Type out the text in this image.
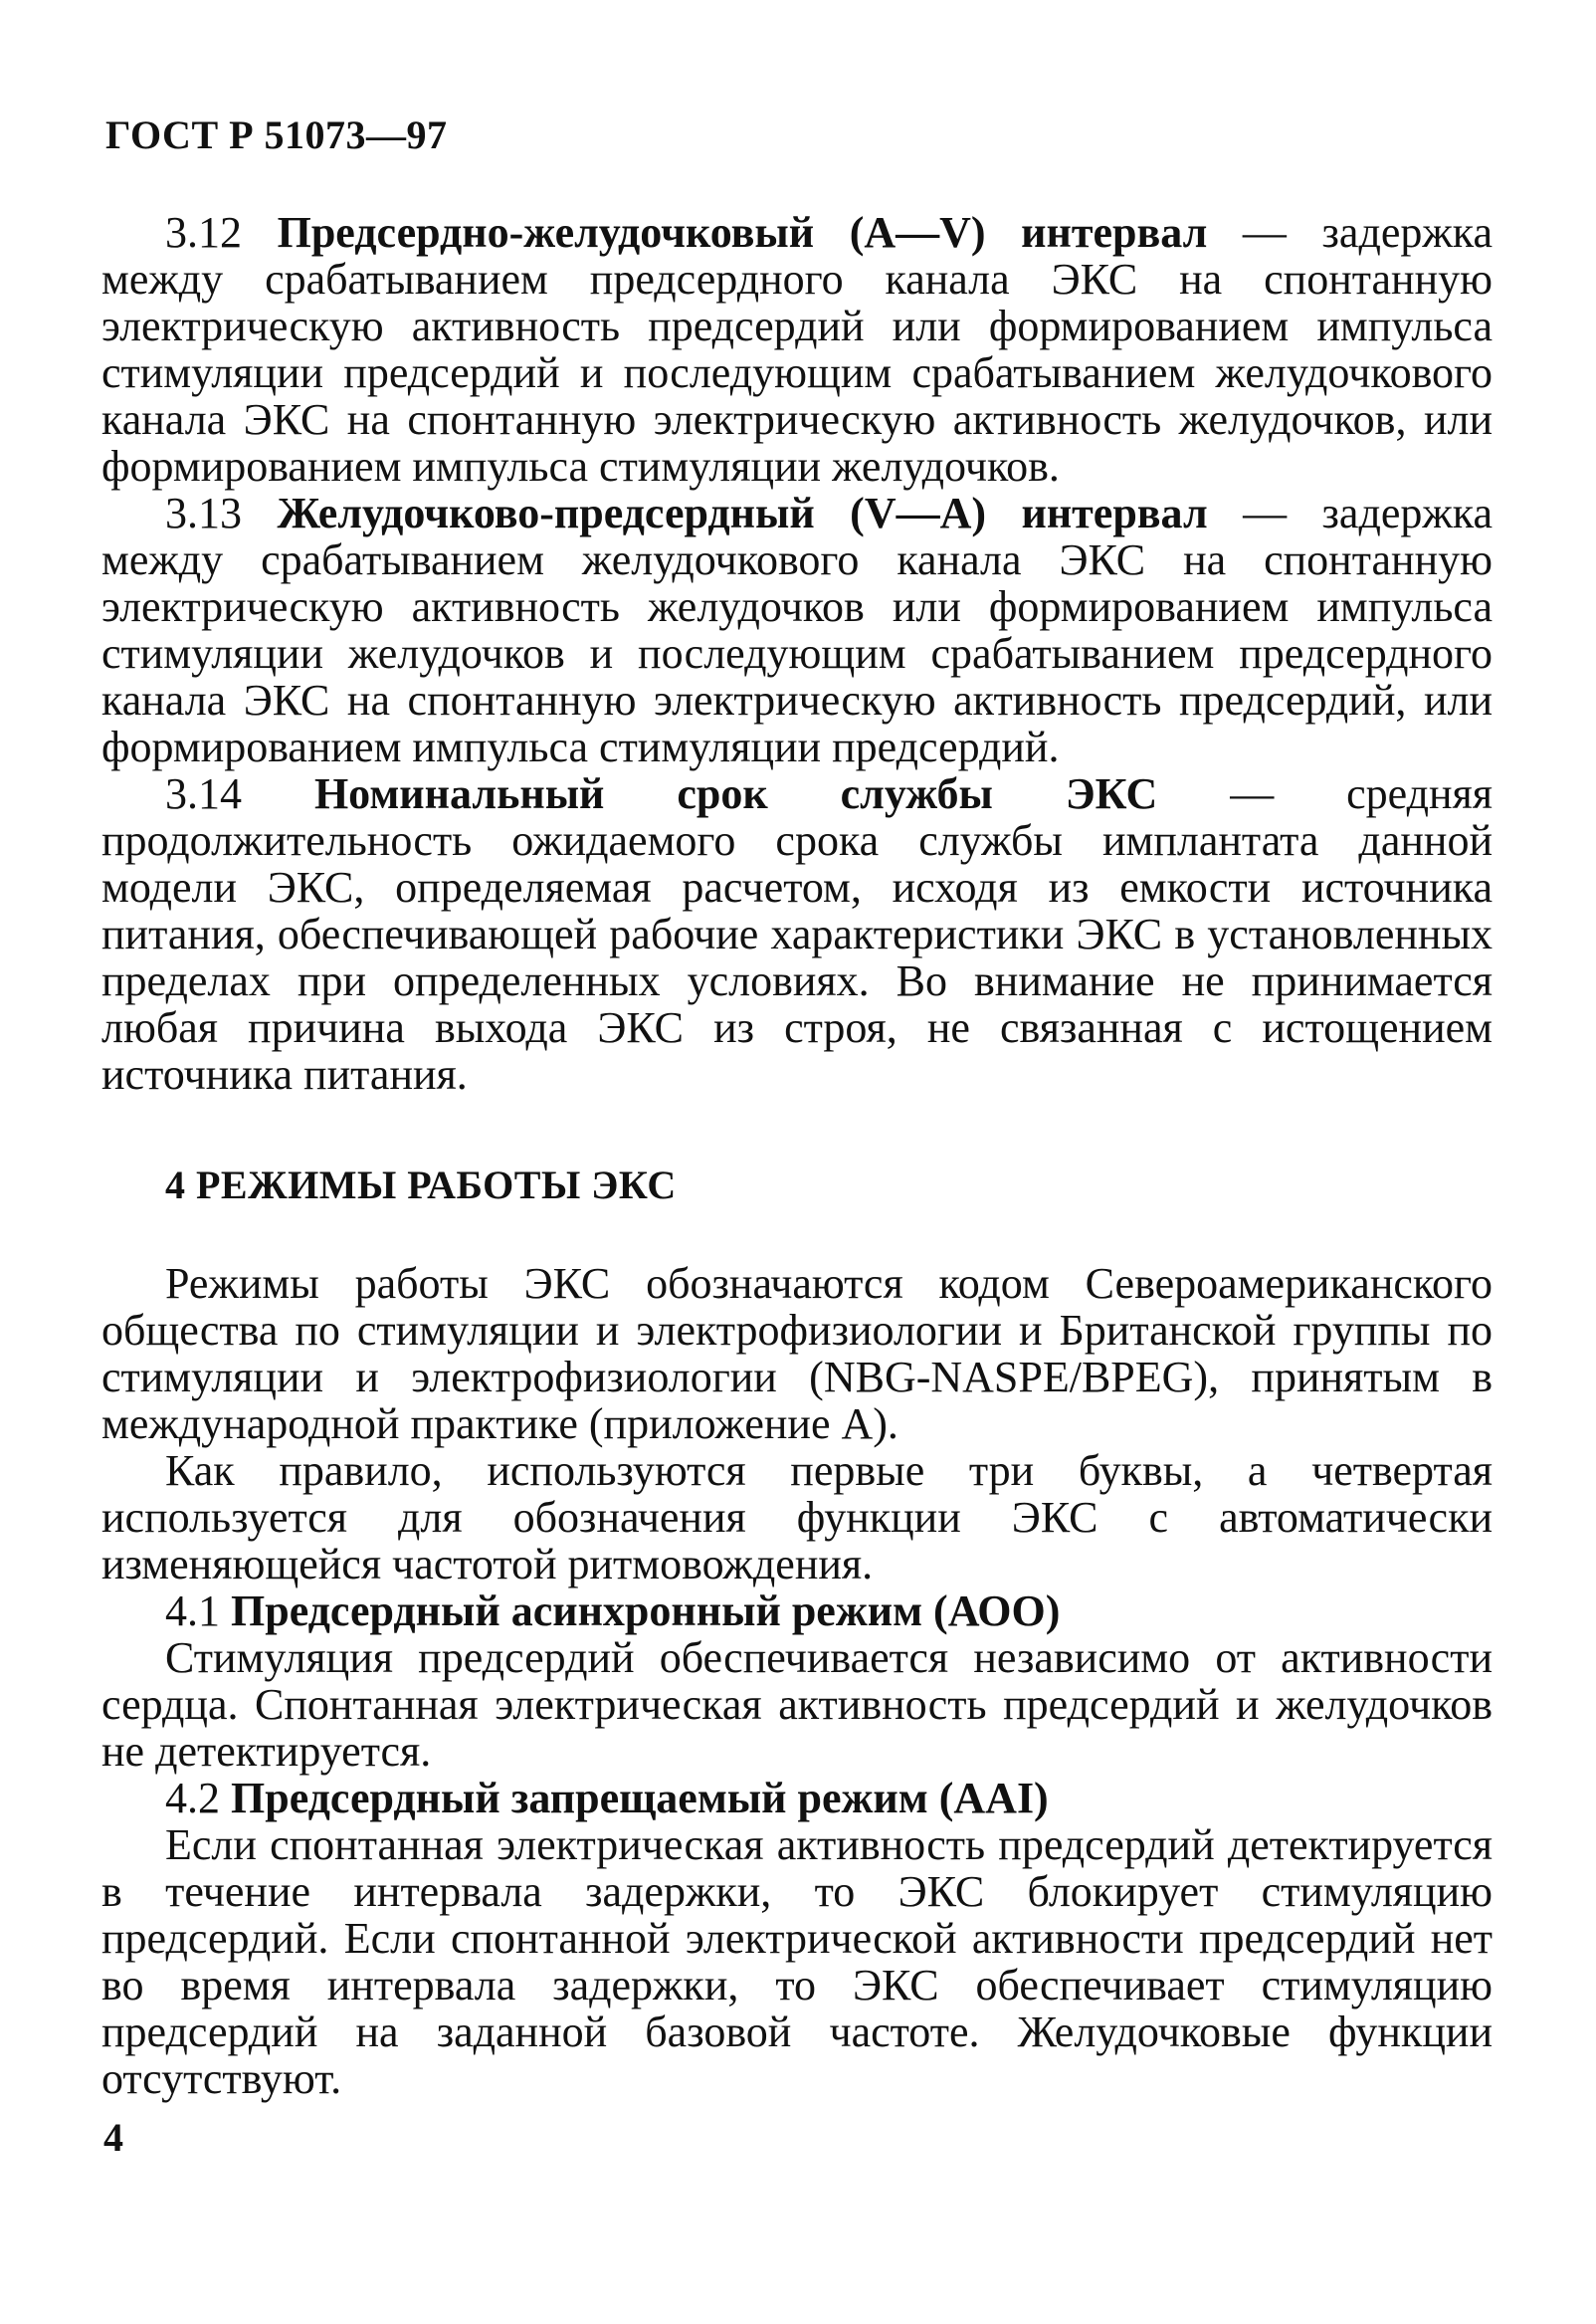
ГОСТ Р 51073—97

3.12 Предсердно-желудочковый (A—V) интервал — задержка между срабатыванием предсердного канала ЭКС на спонтанную электрическую активность предсердий или формированием импульса стимуляции предсердий и последующим срабатыванием желудочкового канала ЭКС на спонтанную электрическую активность желудочков, или формированием импульса стимуляции желудочков.

3.13 Желудочково-предсердный (V—A) интервал — задержка между срабатыванием желудочкового канала ЭКС на спонтанную электрическую активность желудочков или формированием импульса стимуляции желудочков и последующим срабатыванием предсердного канала ЭКС на спонтанную электрическую активность предсердий, или формированием импульса стимуляции предсердий.

3.14 Номинальный срок службы ЭКС — средняя продолжительность ожидаемого срока службы имплантата данной модели ЭКС, определяемая расчетом, исходя из емкости источника питания, обеспечивающей рабочие характеристики ЭКС в установленных пределах при определенных условиях. Во внимание не принимается любая причина выхода ЭКС из строя, не связанная с истощением источника питания.

4 РЕЖИМЫ РАБОТЫ ЭКС

Режимы работы ЭКС обозначаются кодом Североамериканского общества по стимуляции и электрофизиологии и Британской группы по стимуляции и электрофизиологии (NBG-NASPE/BPEG), принятым в международной практике (приложение А).

Как правило, используются первые три буквы, а четвертая используется для обозначения функции ЭКС с автоматически изменяющейся частотой ритмовождения.

4.1 Предсердный асинхронный режим (АОО)

Стимуляция предсердий обеспечивается независимо от активности сердца. Спонтанная электрическая активность предсердий и желудочков не детектируется.

4.2 Предсердный запрещаемый режим (AAI)

Если спонтанная электрическая активность предсердий детектируется в течение интервала задержки, то ЭКС блокирует стимуляцию предсердий. Если спонтанной электрической активности предсердий нет во время интервала задержки, то ЭКС обеспечивает стимуляцию предсердий на заданной базовой частоте. Желудочковые функции отсутствуют.

4
